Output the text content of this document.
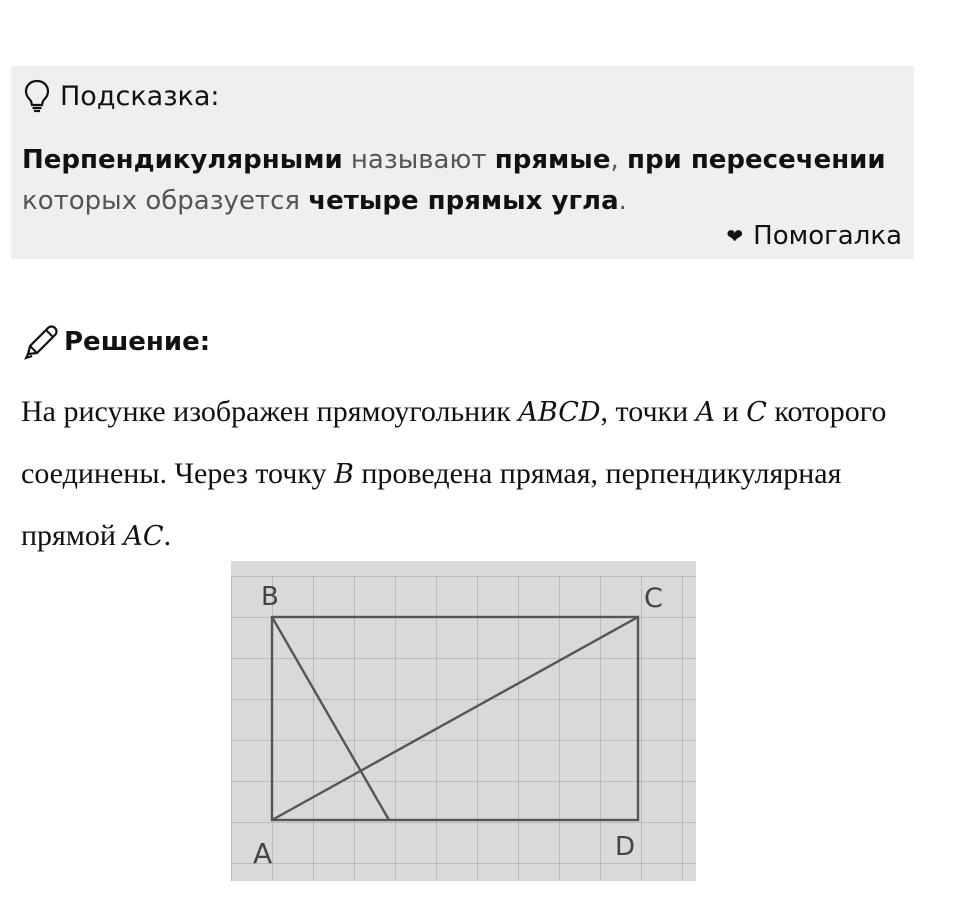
Подсказка:
Перпендикулярными называют прямые, при пересечении которых образуется четыре прямых угла.
❤ Помогалка
Решение:
На рисунке изображен прямоугольник ABCD, точки A и C которого соединены. Через точку B проведена прямая, перпендикулярная прямой AC.
B	C
A	D
